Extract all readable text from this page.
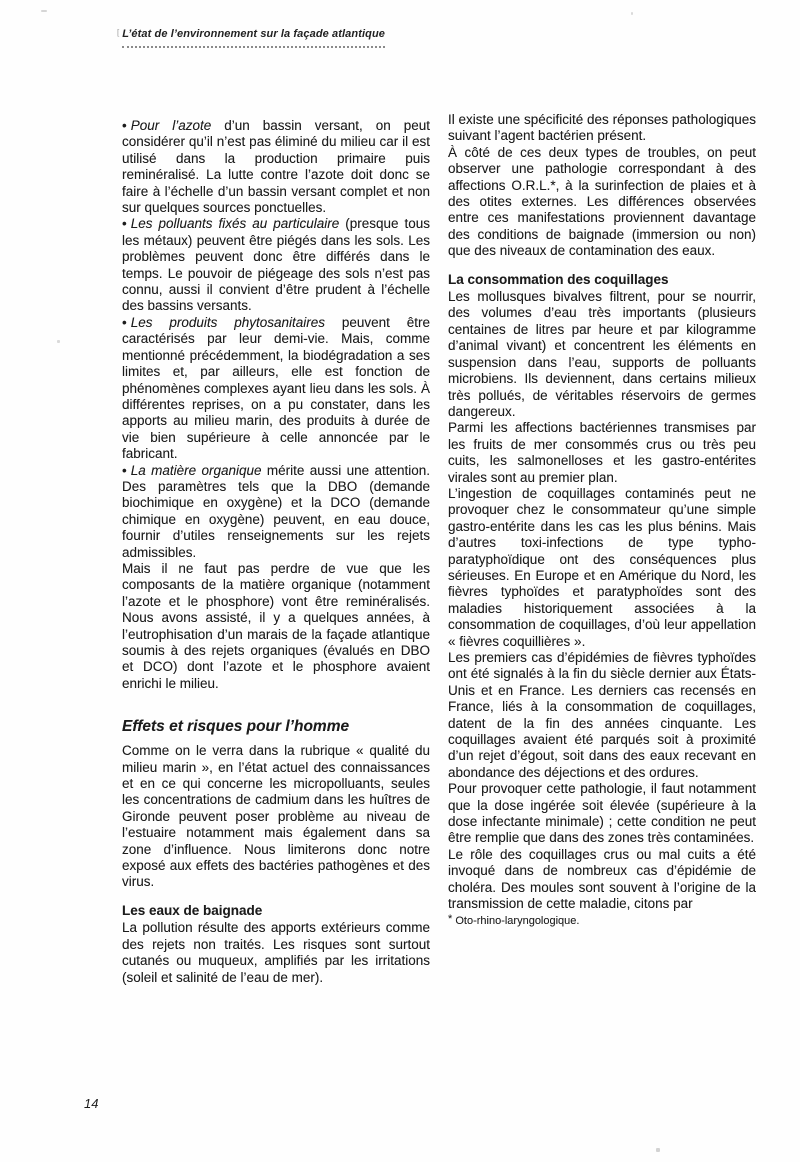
[ L’état de l’environnement sur la façade atlantique

• Pour l’azote d’un bassin versant, on peut considérer qu’il n’est pas éliminé du milieu car il est utilisé dans la production primaire puis reminéralisé. La lutte contre l’azote doit donc se faire à l’échelle d’un bassin versant complet et non sur quelques sources ponctuelles.

• Les polluants fixés au particulaire (presque tous les métaux) peuvent être piégés dans les sols. Les problèmes peuvent donc être différés dans le temps. Le pouvoir de piégeage des sols n’est pas connu, aussi il convient d’être prudent à l’échelle des bassins versants.

• Les produits phytosanitaires peuvent être caractérisés par leur demi-vie. Mais, comme mentionné précédemment, la biodégradation a ses limites et, par ailleurs, elle est fonction de phénomènes complexes ayant lieu dans les sols. À différentes reprises, on a pu constater, dans les apports au milieu marin, des produits à durée de vie bien supérieure à celle annoncée par le fabricant.

• La matière organique mérite aussi une attention. Des paramètres tels que la DBO (demande biochimique en oxygène) et la DCO (demande chimique en oxygène) peuvent, en eau douce, fournir d’utiles renseignements sur les rejets admissibles.

Mais il ne faut pas perdre de vue que les composants de la matière organique (notamment l’azote et le phosphore) vont être reminéralisés. Nous avons assisté, il y a quelques années, à l’eutrophisation d’un marais de la façade atlantique soumis à des rejets organiques (évalués en DBO et DCO) dont l’azote et le phosphore avaient enrichi le milieu.

Effets et risques pour l’homme

Comme on le verra dans la rubrique « qualité du milieu marin », en l’état actuel des connaissances et en ce qui concerne les micropolluants, seules les concentrations de cadmium dans les huîtres de Gironde peuvent poser problème au niveau de l’estuaire notamment mais également dans sa zone d’influence. Nous limiterons donc notre exposé aux effets des bactéries pathogènes et des virus.

Les eaux de baignade

La pollution résulte des apports extérieurs comme des rejets non traités. Les risques sont surtout cutanés ou muqueux, amplifiés par les irritations (soleil et salinité de l’eau de mer).

Il existe une spécificité des réponses pathologiques suivant l’agent bactérien présent.

À côté de ces deux types de troubles, on peut observer une pathologie correspondant à des affections O.R.L.*, à la surinfection de plaies et à des otites externes. Les différences observées entre ces manifestations proviennent davantage des conditions de baignade (immersion ou non) que des niveaux de contamination des eaux.

La consommation des coquillages

Les mollusques bivalves filtrent, pour se nourrir, des volumes d’eau très importants (plusieurs centaines de litres par heure et par kilogramme d’animal vivant) et concentrent les éléments en suspension dans l’eau, supports de polluants microbiens. Ils deviennent, dans certains milieux très pollués, de véritables réservoirs de germes dangereux.

Parmi les affections bactériennes transmises par les fruits de mer consommés crus ou très peu cuits, les salmonelloses et les gastro-entérites virales sont au premier plan.

L’ingestion de coquillages contaminés peut ne provoquer chez le consommateur qu’une simple gastro-entérite dans les cas les plus bénins. Mais d’autres toxi-infections de type typho-paratyphoïdique ont des conséquences plus sérieuses. En Europe et en Amérique du Nord, les fièvres typhoïdes et paratyphoïdes sont des maladies historiquement associées à la consommation de coquillages, d’où leur appellation « fièvres coquillières ».

Les premiers cas d’épidémies de fièvres typhoïdes ont été signalés à la fin du siècle dernier aux États-Unis et en France. Les derniers cas recensés en France, liés à la consommation de coquillages, datent de la fin des années cinquante. Les coquillages avaient été parqués soit à proximité d’un rejet d’égout, soit dans des eaux recevant en abondance des déjections et des ordures.

Pour provoquer cette pathologie, il faut notamment que la dose ingérée soit élevée (supérieure à la dose infectante minimale) ; cette condition ne peut être remplie que dans des zones très contaminées.

Le rôle des coquillages crus ou mal cuits a été invoqué dans de nombreux cas d’épidémie de choléra. Des moules sont souvent à l’origine de la transmission de cette maladie, citons par

* Oto-rhino-laryngologique.

14
